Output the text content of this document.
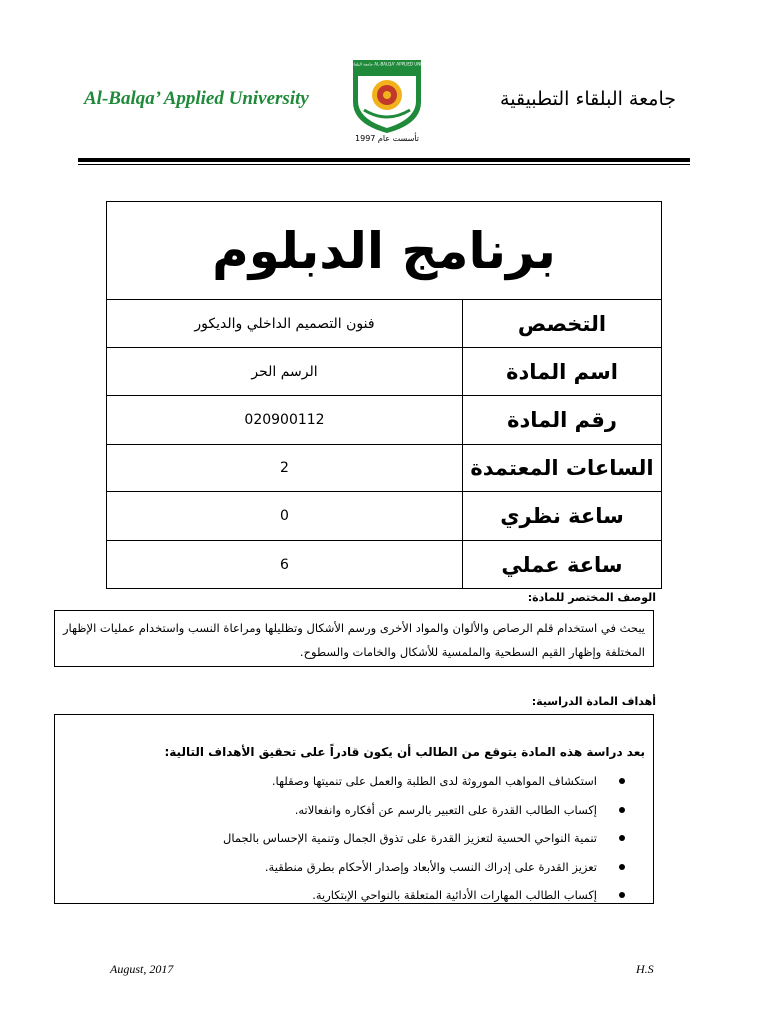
Al-Balqa’ Applied University
جامعة البلقاء التطبيقية AL-BALQA' APPLIED UNIVERSITY
تأسست عام 1997
جامعة البلقاء التطبيقية
برنامج الدبلوم	
التخصص	فنون التصميم الداخلي والديكور
اسم المادة	الرسم الحر
رقم المادة	020900112
الساعات المعتمدة	2
ساعة نظري	0
ساعة عملي	6
الوصف المختصر للمادة:
يبحث في استخدام قلم الرصاص والألوان والمواد الأخرى ورسم الأشكال وتظليلها ومراعاة النسب واستخدام عمليات الإظهار المختلفة وإظهار القيم السطحية والملمسية للأشكال والخامات والسطوح.
أهداف المادة الدراسية:
بعد دراسة هذه المادة يتوقع من الطالب أن يكون قادراً على تحقيق الأهداف التالية:
استكشاف المواهب الموروثة لدى الطلبة والعمل على تنميتها وصقلها.
إكساب الطالب القدرة على التعبير بالرسم عن أفكاره وانفعالاته.
تنمية النواحي الحسية لتعزيز القدرة على تذوق الجمال وتنمية الإحساس بالجمال
تعزيز القدرة على إدراك النسب والأبعاد وإصدار الأحكام بطرق منطقية.
إكساب الطالب المهارات الأدائية المتعلقة بالنواحي الإبتكارية.
August, 2017	H.S
